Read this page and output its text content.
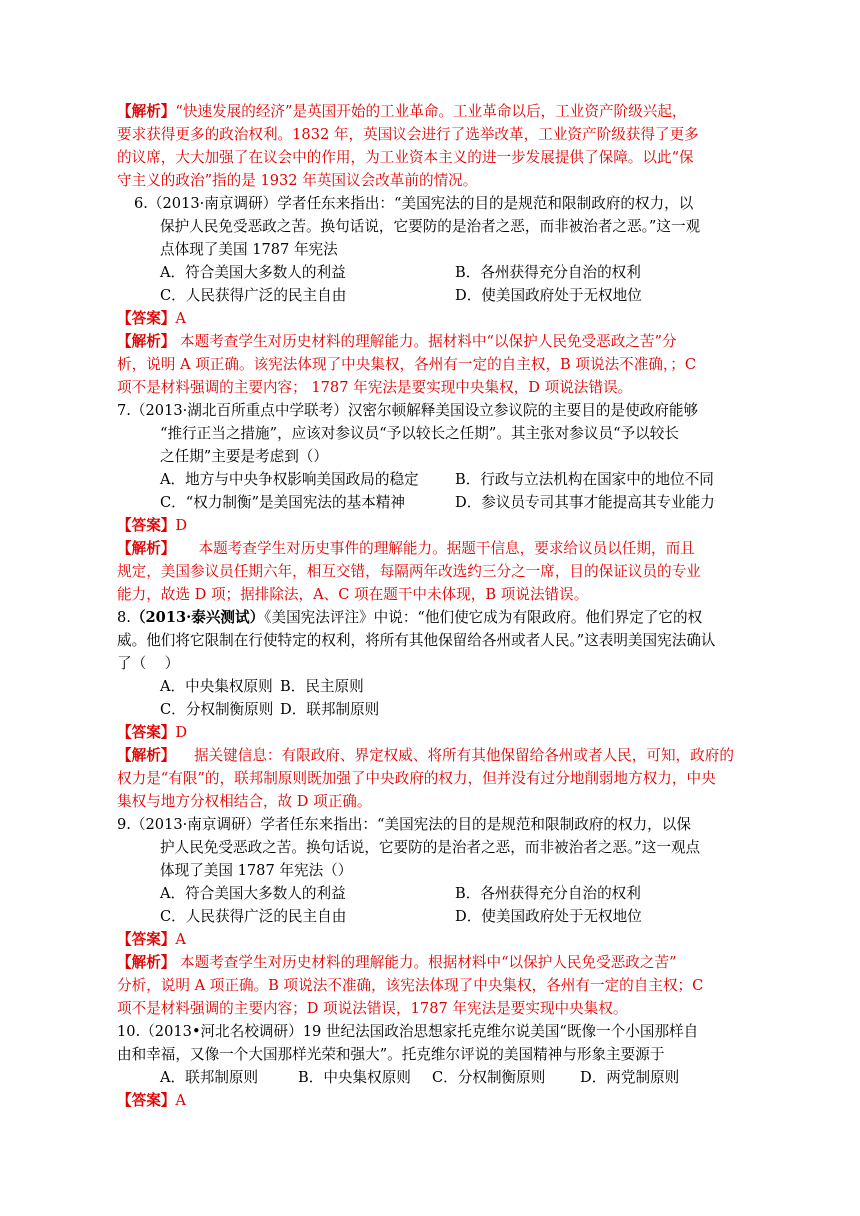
【解析】“快速发展的经济”是英国开始的工业革命。工业革命以后，工业资产阶级兴起，
要求获得更多的政治权利。1832 年，英国议会进行了选举改革，工业资产阶级获得了更多
的议席，大大加强了在议会中的作用，为工业资本主义的进一步发展提供了保障。以此“保
守主义的政治”指的是 1932 年英国议会改革前的情况。
6.（2013·南京调研）学者任东来指出：“美国宪法的目的是规范和限制政府的权力，以
保护人民免受恶政之苦。换句话说，它要防的是治者之恶，而非被治者之恶。”这一观
点体现了美国 1787 年宪法
A．符合美国大多数人的利益	B．各州获得充分自治的权利
C．人民获得广泛的民主自由	D．使美国政府处于无权地位
【答案】A
【解析】 本题考查学生对历史材料的理解能力。据材料中“以保护人民免受恶政之苦”分
析，说明 A 项正确。该宪法体现了中央集权，各州有一定的自主权，B 项说法不准确，；C
项不是材料强调的主要内容； 1787 年宪法是要实现中央集权，D 项说法错误。
7.（2013·湖北百所重点中学联考）汉密尔顿解释美国设立参议院的主要目的是使政府能够
“推行正当之措施”，应该对参议员“予以较长之任期”。其主张对参议员“予以较长
之任期”主要是考虑到（）
A．地方与中央争权影响美国政局的稳定 B．行政与立法机构在国家中的地位不同
C．“权力制衡”是美国宪法的基本精神	D．参议员专司其事才能提高其专业能力
【答案】D
【解析】     本题考查学生对历史事件的理解能力。据题干信息，要求给议员以任期，而且
规定，美国参议员任期六年，相互交错，每隔两年改选约三分之一席，目的保证议员的专业
能力，故选 D 项；据排除法，A、C 项在题干中未体现，B 项说法错误。
8.（2013·泰兴测试）《美国宪法评注》中说：“他们使它成为有限政府。他们界定了它的权
威。他们将它限制在行使特定的权利，将所有其他保留给各州或者人民。”这表明美国宪法确认
了（    ）
A．中央集权原则 B．民主原则
C．分权制衡原则 D．联邦制原则
【答案】D
【解析】    据关键信息：有限政府、界定权威、将所有其他保留给各州或者人民，可知，政府的
权力是“有限”的，联邦制原则既加强了中央政府的权力，但并没有过分地削弱地方权力，中央
集权与地方分权相结合，故 D 项正确。
9.（2013·南京调研）学者任东来指出：“美国宪法的目的是规范和限制政府的权力，以保
护人民免受恶政之苦。换句话说，它要防的是治者之恶，而非被治者之恶。”这一观点
体现了美国 1787 年宪法（）
A．符合美国大多数人的利益	B．各州获得充分自治的权利
C．人民获得广泛的民主自由	D．使美国政府处于无权地位
【答案】A
【解析】 本题考查学生对历史材料的理解能力。根据材料中“以保护人民免受恶政之苦”
分析，说明 A 项正确。B 项说法不准确，该宪法体现了中央集权，各州有一定的自主权；C
项不是材料强调的主要内容；D 项说法错误，1787 年宪法是要实现中央集权。
10.（2013•河北名校调研）19 世纪法国政治思想家托克维尔说美国“既像一个小国那样自
由和幸福，又像一个大国那样光荣和强大”。托克维尔评说的美国精神与形象主要源于
A．联邦制原则	B．中央集权原则 C．分权制衡原则 D．两党制原则
【答案】A
